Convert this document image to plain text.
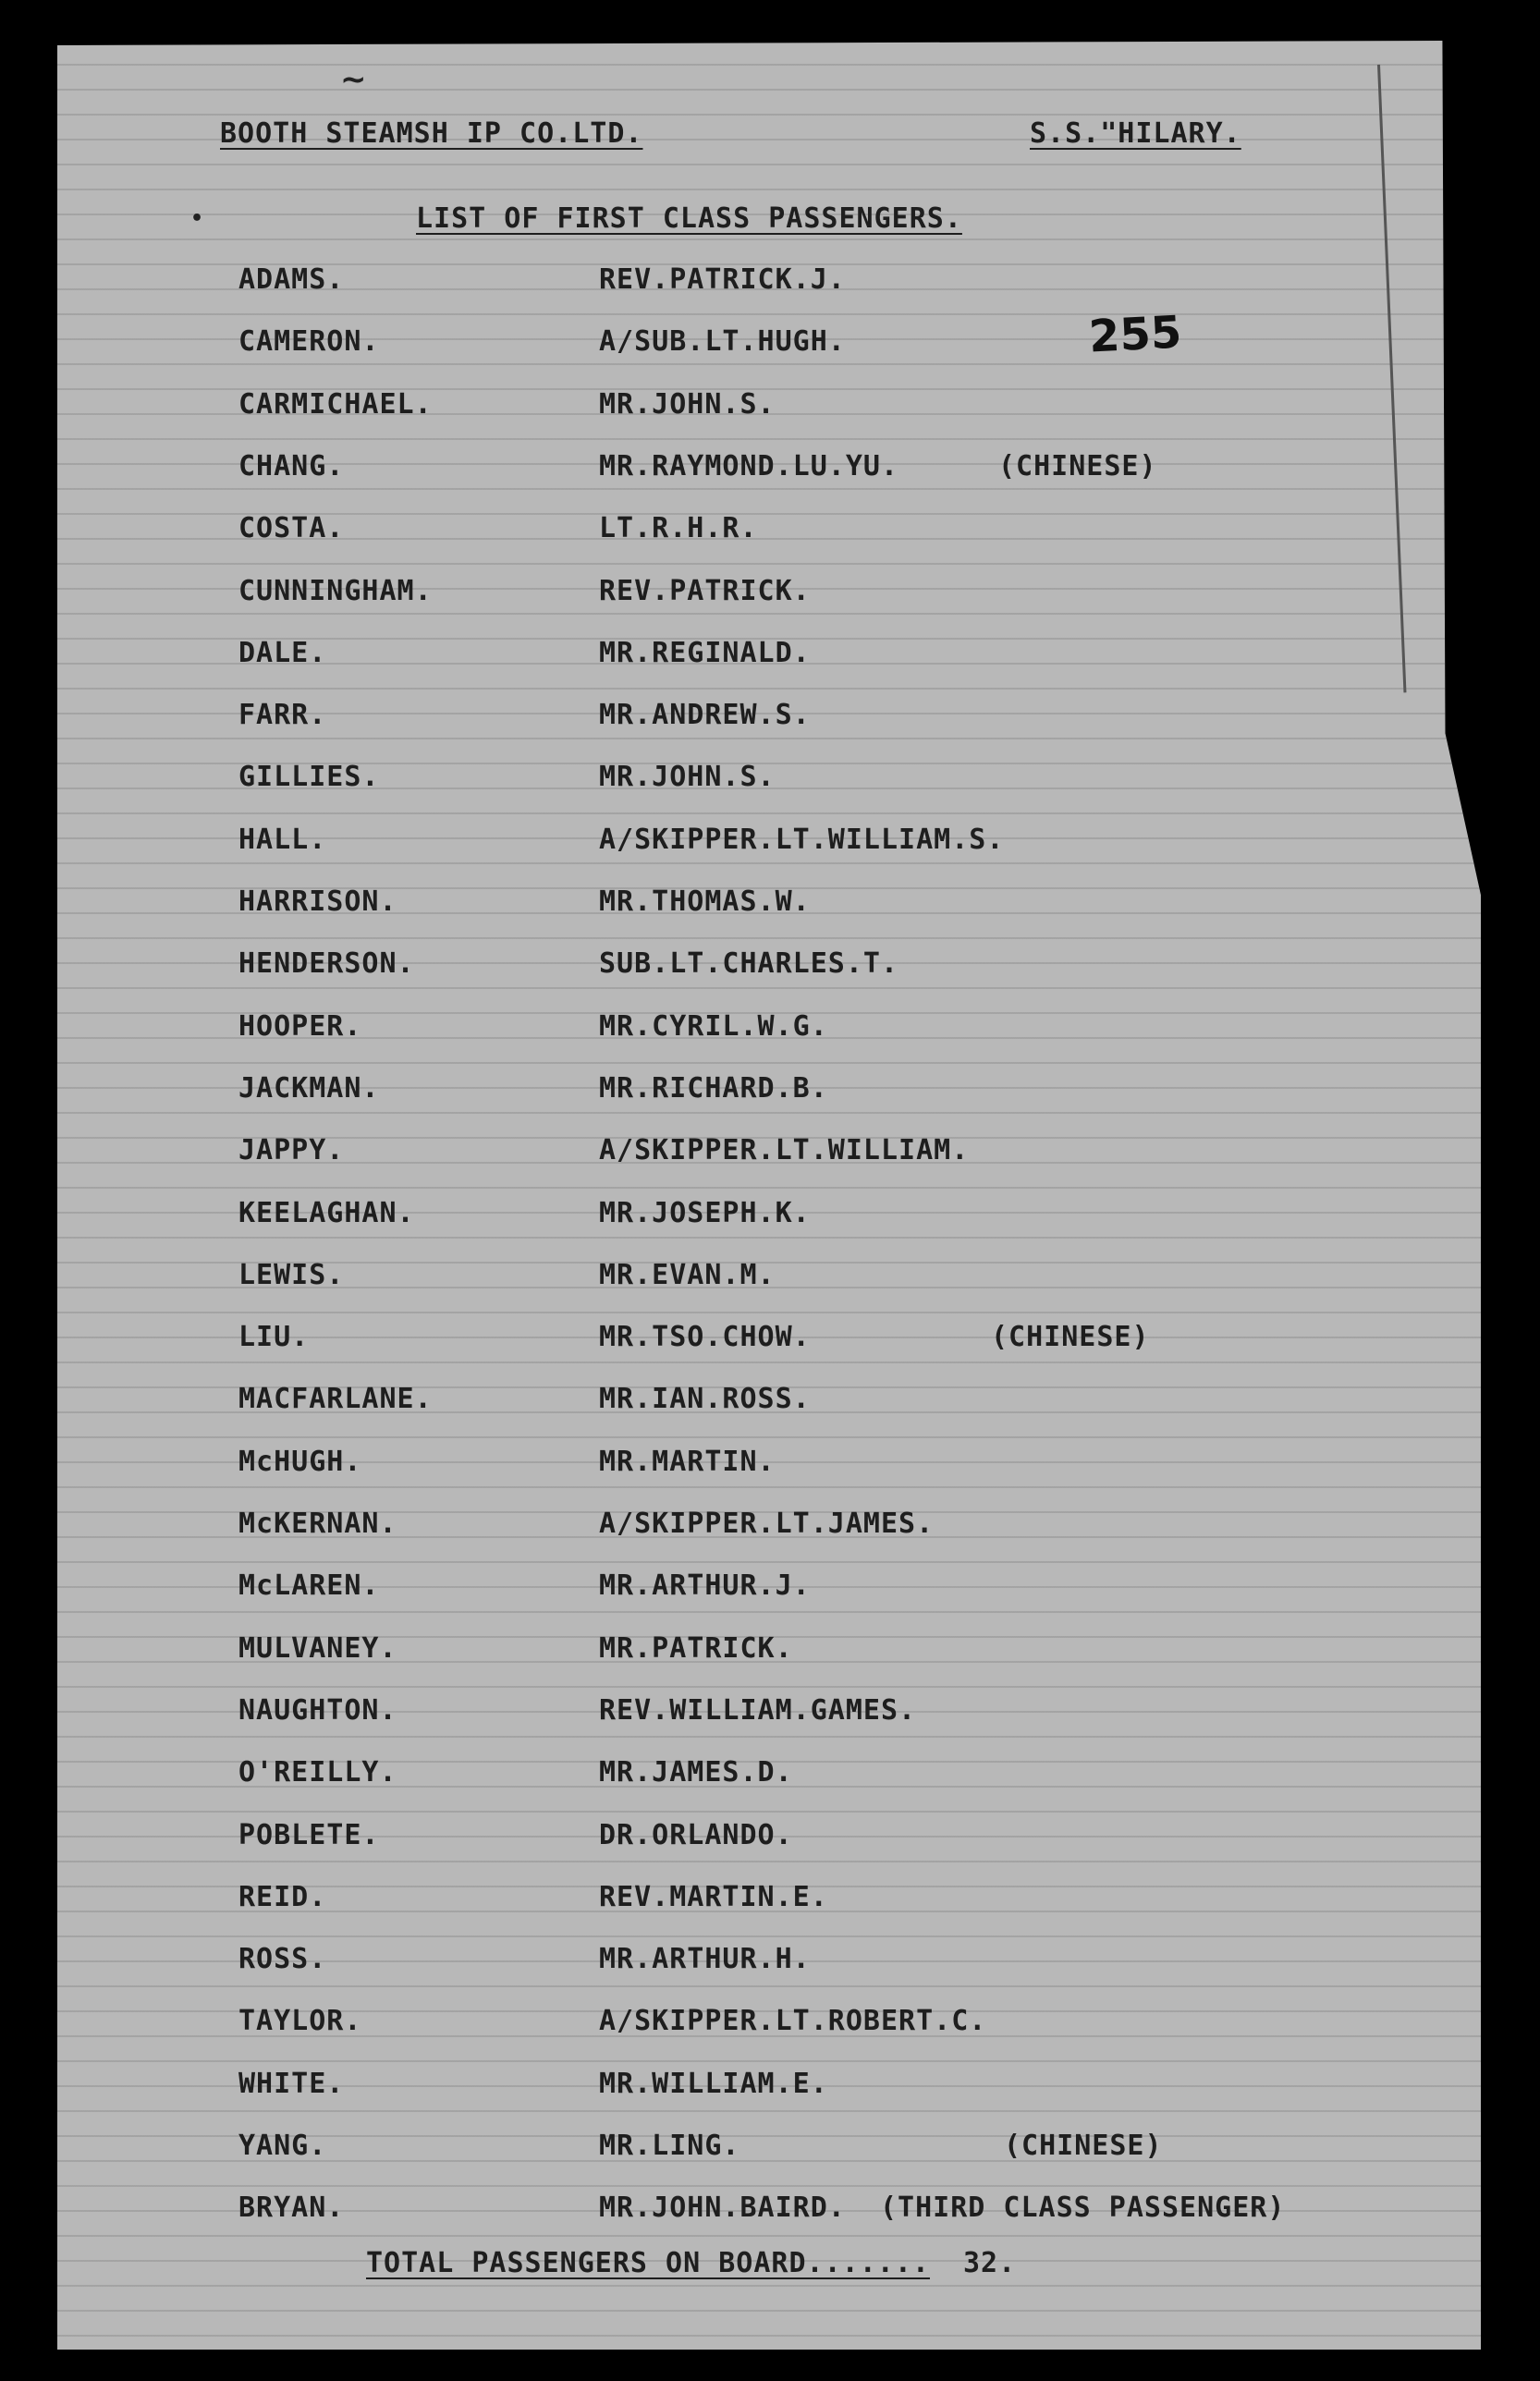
~
•
BOOTH STEAMSH IP CO.LTD.	S.S."HILARY.
LIST OF FIRST CLASS PASSENGERS.
255
ADAMS.	REV.PATRICK.J.
CAMERON.	A/SUB.LT.HUGH.
CARMICHAEL.	MR.JOHN.S.
CHANG.	MR.RAYMOND.LU.YU.	(CHINESE)
COSTA.	LT.R.H.R.
CUNNINGHAM.	REV.PATRICK.
DALE.	MR.REGINALD.
FARR.	MR.ANDREW.S.
GILLIES.	MR.JOHN.S.
HALL.	A/SKIPPER.LT.WILLIAM.S.
HARRISON.	MR.THOMAS.W.
HENDERSON.	SUB.LT.CHARLES.T.
HOOPER.	MR.CYRIL.W.G.
JACKMAN.	MR.RICHARD.B.
JAPPY.	A/SKIPPER.LT.WILLIAM.
KEELAGHAN.	MR.JOSEPH.K.
LEWIS.	MR.EVAN.M.
LIU.	MR.TSO.CHOW.	(CHINESE)
MACFARLANE.	MR.IAN.ROSS.
McHUGH.	MR.MARTIN.
McKERNAN.	A/SKIPPER.LT.JAMES.
McLAREN.	MR.ARTHUR.J.
MULVANEY.	MR.PATRICK.
NAUGHTON.	REV.WILLIAM.GAMES.
O'REILLY.	MR.JAMES.D.
POBLETE.	DR.ORLANDO.
REID.	REV.MARTIN.E.
ROSS.	MR.ARTHUR.H.
TAYLOR.	A/SKIPPER.LT.ROBERT.C.
WHITE.	MR.WILLIAM.E.
YANG.	MR.LING.	(CHINESE)
BRYAN.	MR.JOHN.BAIRD. (THIRD CLASS PASSENGER)
TOTAL PASSENGERS ON BOARD....... 32.
